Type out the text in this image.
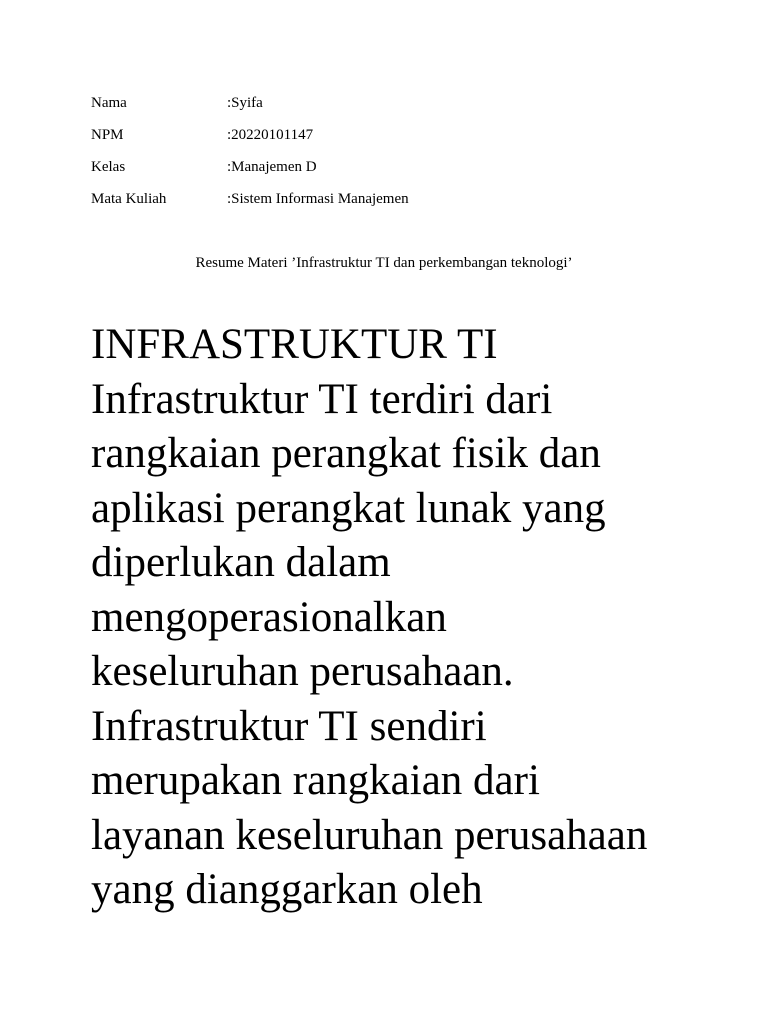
Nama	:Syifa
NPM	:20220101147
Kelas	:Manajemen D
Mata Kuliah	:Sistem Informasi Manajemen
Resume Materi ’Infrastruktur TI dan perkembangan teknologi’
INFRASTRUKTUR TI
Infrastruktur TI terdiri dari
rangkaian perangkat fisik dan
aplikasi perangkat lunak yang
diperlukan dalam
mengoperasionalkan
keseluruhan perusahaan.
Infrastruktur TI sendiri
merupakan rangkaian dari
layanan keseluruhan perusahaan
yang dianggarkan oleh
